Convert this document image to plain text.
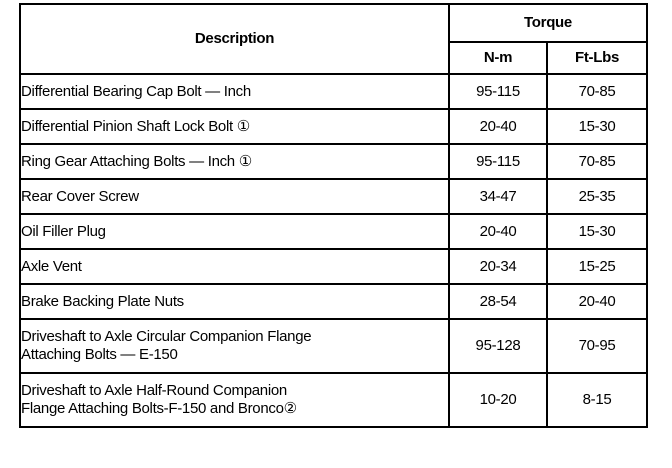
Description	Torque	
	N-m	Ft-Lbs

Differential Bearing Cap Bolt — Inch	95-115	70-85

Differential Pinion Shaft Lock Bolt ①	20-40	15-30

Ring Gear Attaching Bolts — Inch ①	95-115	70-85

Rear Cover Screw	34-47	25-35

Oil Filler Plug	20-40	15-30

Axle Vent	20-34	15-25

Brake Backing Plate Nuts	28-54	20-40

Driveshaft to Axle Circular Companion Flange
Attaching Bolts — E-150	95-128	70-95

Driveshaft to Axle Half-Round Companion
Flange Attaching Bolts-F-150 and Bronco②	10-20	8-15
